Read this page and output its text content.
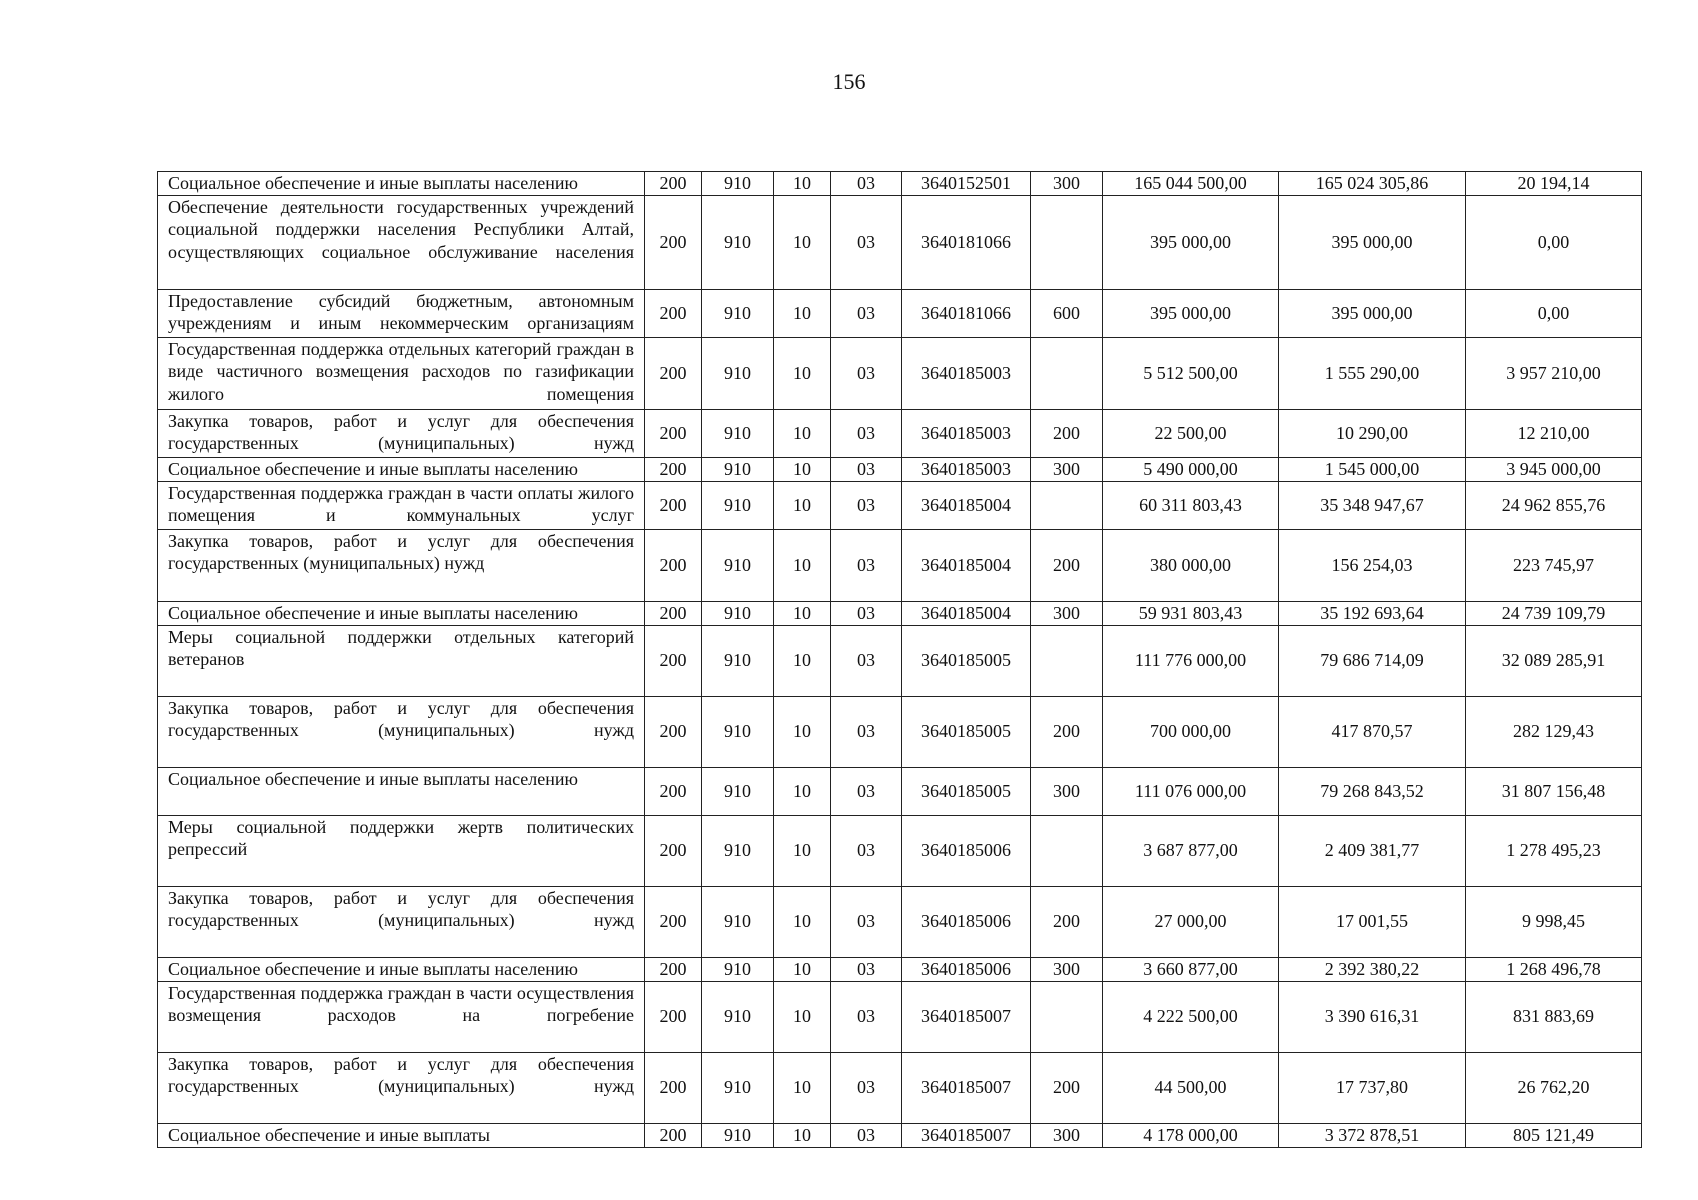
156
Социальное обеспечение и иные выплаты населению	200	910	10	03	3640152501	300	165 044 500,00	165 024 305,86	20 194,14
Обеспечение деятельности государственных учреждений социальной поддержки населения Республики Алтай, осуществляющих социальное обслуживание населения	200	910	10	03	3640181066		395 000,00	395 000,00	0,00
Предоставление субсидий бюджетным, автономным учреждениям и иным некоммерческим организациям	200	910	10	03	3640181066	600	395 000,00	395 000,00	0,00
Государственная поддержка отдельных категорий граждан в виде частичного возмещения расходов по газификации жилого помещения	200	910	10	03	3640185003		5 512 500,00	1 555 290,00	3 957 210,00
Закупка товаров, работ и услуг для обеспечения государственных (муниципальных) нужд	200	910	10	03	3640185003	200	22 500,00	10 290,00	12 210,00
Социальное обеспечение и иные выплаты населению	200	910	10	03	3640185003	300	5 490 000,00	1 545 000,00	3 945 000,00
Государственная поддержка граждан в части оплаты жилого помещения и коммунальных услуг	200	910	10	03	3640185004		60 311 803,43	35 348 947,67	24 962 855,76
Закупка товаров, работ и услуг для обеспечения государственных (муниципальных) нужд	200	910	10	03	3640185004	200	380 000,00	156 254,03	223 745,97
Социальное обеспечение и иные выплаты населению	200	910	10	03	3640185004	300	59 931 803,43	35 192 693,64	24 739 109,79
Меры социальной поддержки отдельных категорий ветеранов	200	910	10	03	3640185005		111 776 000,00	79 686 714,09	32 089 285,91
Закупка товаров, работ и услуг для обеспечения государственных (муниципальных) нужд	200	910	10	03	3640185005	200	700 000,00	417 870,57	282 129,43
Социальное обеспечение и иные выплаты населению	200	910	10	03	3640185005	300	111 076 000,00	79 268 843,52	31 807 156,48
Меры социальной поддержки жертв политических репрессий	200	910	10	03	3640185006		3 687 877,00	2 409 381,77	1 278 495,23
Закупка товаров, работ и услуг для обеспечения государственных (муниципальных) нужд	200	910	10	03	3640185006	200	27 000,00	17 001,55	9 998,45
Социальное обеспечение и иные выплаты населению	200	910	10	03	3640185006	300	3 660 877,00	2 392 380,22	1 268 496,78
Государственная поддержка граждан в части осуществления возмещения расходов на погребение	200	910	10	03	3640185007		4 222 500,00	3 390 616,31	831 883,69
Закупка товаров, работ и услуг для обеспечения государственных (муниципальных) нужд	200	910	10	03	3640185007	200	44 500,00	17 737,80	26 762,20
Социальное обеспечение и иные выплаты	200	910	10	03	3640185007	300	4 178 000,00	3 372 878,51	805 121,49
